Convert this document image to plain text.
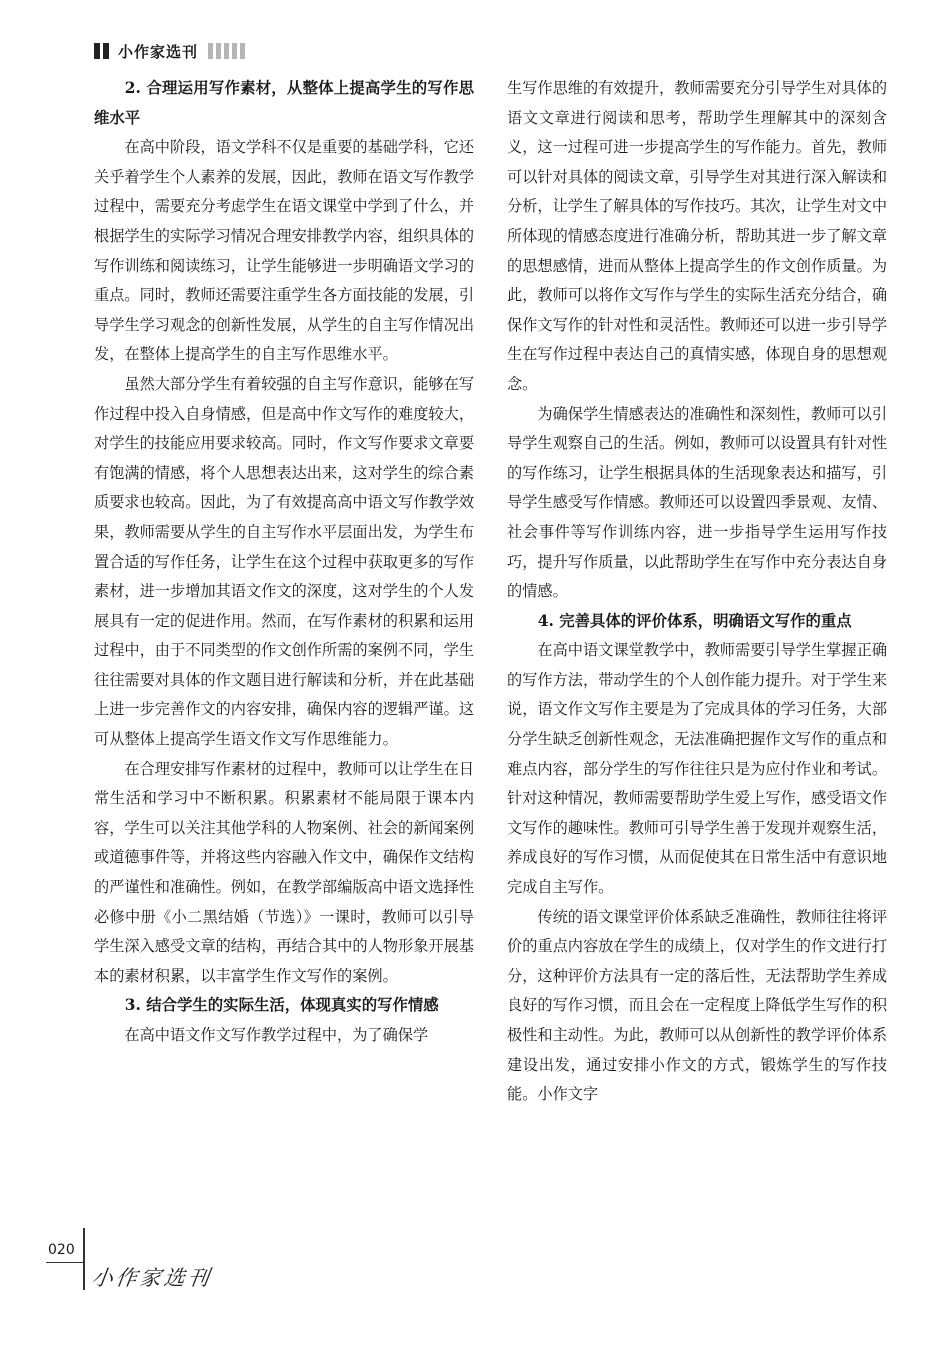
小作家选刊
2. 合理运用写作素材，从整体上提高学生的写作思维水平

在高中阶段，语文学科不仅是重要的基础学科，它还关乎着学生个人素养的发展，因此，教师在语文写作教学过程中，需要充分考虑学生在语文课堂中学到了什么，并根据学生的实际学习情况合理安排教学内容，组织具体的写作训练和阅读练习，让学生能够进一步明确语文学习的重点。同时，教师还需要注重学生各方面技能的发展，引导学生学习观念的创新性发展，从学生的自主写作情况出发，在整体上提高学生的自主写作思维水平。

虽然大部分学生有着较强的自主写作意识，能够在写作过程中投入自身情感，但是高中作文写作的难度较大，对学生的技能应用要求较高。同时，作文写作要求文章要有饱满的情感，将个人思想表达出来，这对学生的综合素质要求也较高。因此，为了有效提高高中语文写作教学效果，教师需要从学生的自主写作水平层面出发，为学生布置合适的写作任务，让学生在这个过程中获取更多的写作素材，进一步增加其语文作文的深度，这对学生的个人发展具有一定的促进作用。然而，在写作素材的积累和运用过程中，由于不同类型的作文创作所需的案例不同，学生往往需要对具体的作文题目进行解读和分析，并在此基础上进一步完善作文的内容安排，确保内容的逻辑严谨。这可从整体上提高学生语文作文写作思维能力。

在合理安排写作素材的过程中，教师可以让学生在日常生活和学习中不断积累。积累素材不能局限于课本内容，学生可以关注其他学科的人物案例、社会的新闻案例或道德事件等，并将这些内容融入作文中，确保作文结构的严谨性和准确性。例如，在教学部编版高中语文选择性必修中册《小二黑结婚（节选）》一课时，教师可以引导学生深入感受文章的结构，再结合其中的人物形象开展基本的素材积累，以丰富学生作文写作的案例。

3. 结合学生的实际生活，体现真实的写作情感

在高中语文作文写作教学过程中，为了确保学

生写作思维的有效提升，教师需要充分引导学生对具体的语文文章进行阅读和思考，帮助学生理解其中的深刻含义，这一过程可进一步提高学生的写作能力。首先，教师可以针对具体的阅读文章，引导学生对其进行深入解读和分析，让学生了解具体的写作技巧。其次，让学生对文中所体现的情感态度进行准确分析，帮助其进一步了解文章的思想感情，进而从整体上提高学生的作文创作质量。为此，教师可以将作文写作与学生的实际生活充分结合，确保作文写作的针对性和灵活性。教师还可以进一步引导学生在写作过程中表达自己的真情实感，体现自身的思想观念。

为确保学生情感表达的准确性和深刻性，教师可以引导学生观察自己的生活。例如，教师可以设置具有针对性的写作练习，让学生根据具体的生活现象表达和描写，引导学生感受写作情感。教师还可以设置四季景观、友情、社会事件等写作训练内容，进一步指导学生运用写作技巧，提升写作质量，以此帮助学生在写作中充分表达自身的情感。

4. 完善具体的评价体系，明确语文写作的重点

在高中语文课堂教学中，教师需要引导学生掌握正确的写作方法，带动学生的个人创作能力提升。对于学生来说，语文作文写作主要是为了完成具体的学习任务，大部分学生缺乏创新性观念，无法准确把握作文写作的重点和难点内容，部分学生的写作往往只是为应付作业和考试。针对这种情况，教师需要帮助学生爱上写作，感受语文作文写作的趣味性。教师可引导学生善于发现并观察生活，养成良好的写作习惯，从而促使其在日常生活中有意识地完成自主写作。

传统的语文课堂评价体系缺乏准确性，教师往往将评价的重点内容放在学生的成绩上，仅对学生的作文进行打分，这种评价方法具有一定的落后性，无法帮助学生养成良好的写作习惯，而且会在一定程度上降低学生写作的积极性和主动性。为此，教师可以从创新性的教学评价体系建设出发，通过安排小作文的方式，锻炼学生的写作技能。小作文字

020
小作家选刊
